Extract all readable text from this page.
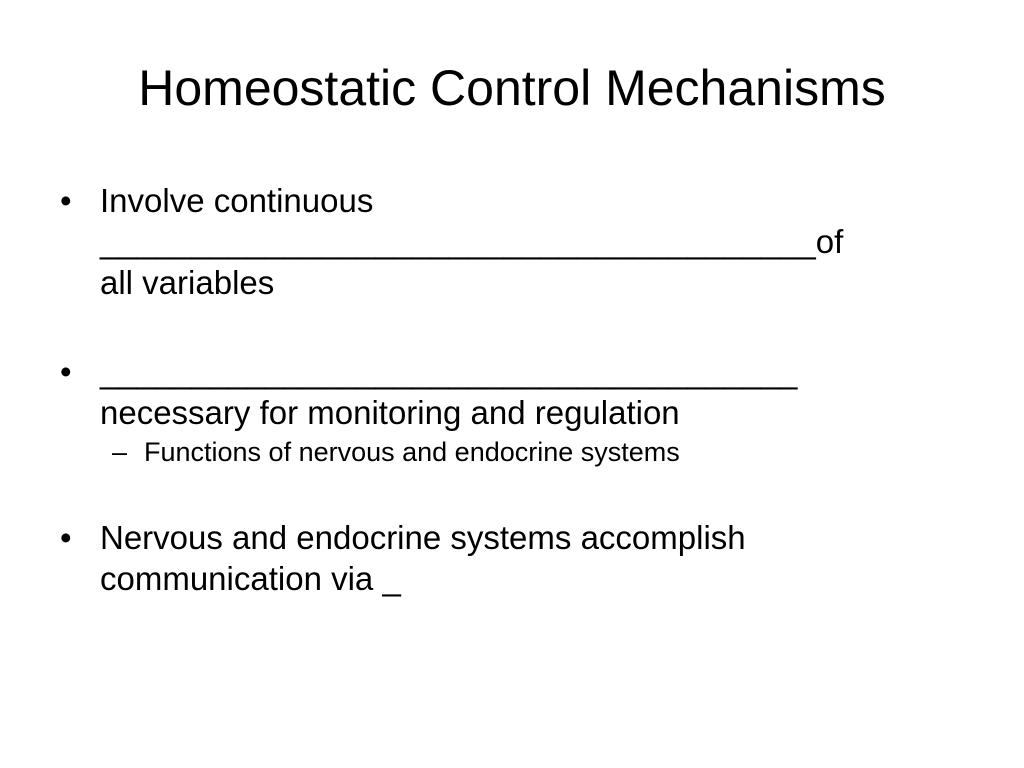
Homeostatic Control Mechanisms
• Involve continuous
_______________________________________of
all variables
• ______________________________________
necessary for monitoring and regulation
– Functions of nervous and endocrine systems
• Nervous and endocrine systems accomplish
communication via _
